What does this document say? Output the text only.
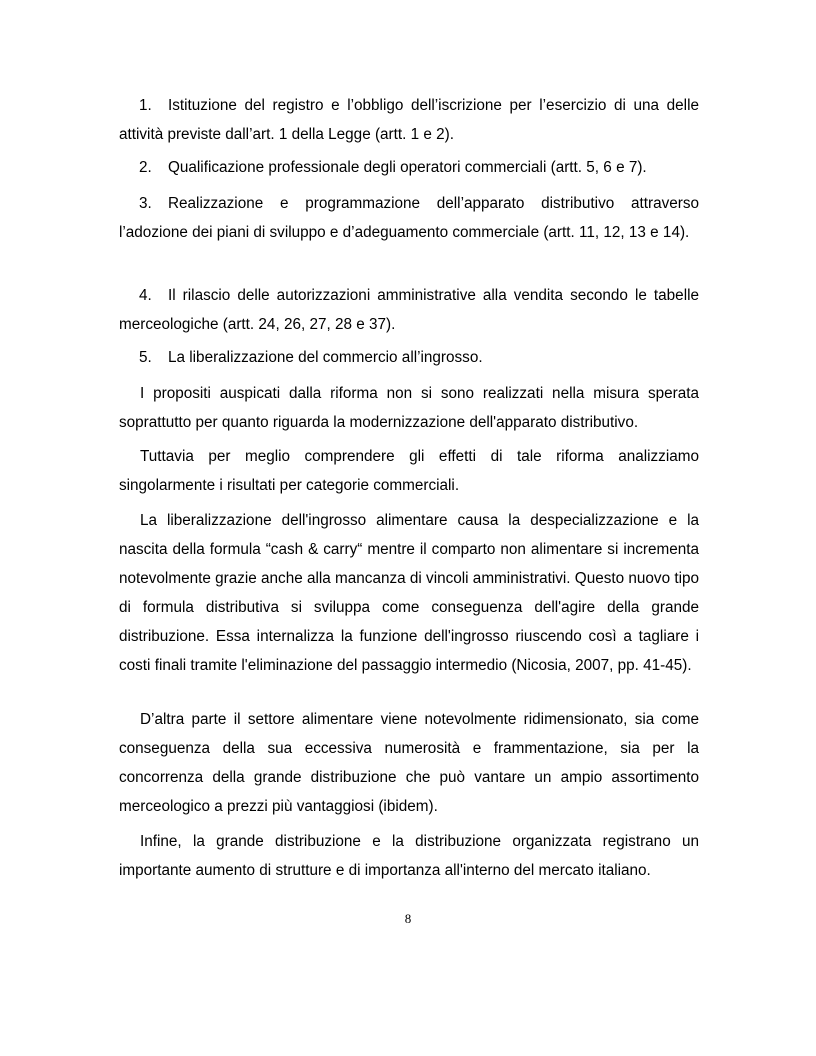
1. Istituzione del registro e l’obbligo dell’iscrizione per l’esercizio di una delle attività previste dall’art. 1 della Legge (artt. 1 e 2).

2. Qualificazione professionale degli operatori commerciali (artt. 5, 6 e 7).

3. Realizzazione e programmazione dell’apparato distributivo attraverso l’adozione dei piani di sviluppo e d’adeguamento commerciale (artt. 11, 12, 13 e 14).

4. Il rilascio delle autorizzazioni amministrative alla vendita secondo le tabelle merceologiche (artt. 24, 26, 27, 28 e 37).

5. La liberalizzazione del commercio all’ingrosso.

I propositi auspicati dalla riforma non si sono realizzati nella misura sperata soprattutto per quanto riguarda la modernizzazione dell'apparato distributivo.

Tuttavia per meglio comprendere gli effetti di tale riforma analizziamo singolarmente i risultati per categorie commerciali.

La liberalizzazione dell'ingrosso alimentare causa la despecializzazione e la nascita della formula “cash & carry“ mentre il comparto non alimentare si incrementa notevolmente grazie anche alla mancanza di vincoli amministrativi. Questo nuovo tipo di formula distributiva si sviluppa come conseguenza dell'agire della grande distribuzione. Essa internalizza la funzione dell'ingrosso riuscendo così a tagliare i costi finali tramite l'eliminazione del passaggio intermedio (Nicosia, 2007, pp. 41-45).

D’altra parte il settore alimentare viene notevolmente ridimensionato, sia come conseguenza della sua eccessiva numerosità e frammentazione, sia per la concorrenza della grande distribuzione che può vantare un ampio assortimento merceologico a prezzi più vantaggiosi (ibidem).

Infine, la grande distribuzione e la distribuzione organizzata registrano un importante aumento di strutture e di importanza all'interno del mercato italiano.

8
